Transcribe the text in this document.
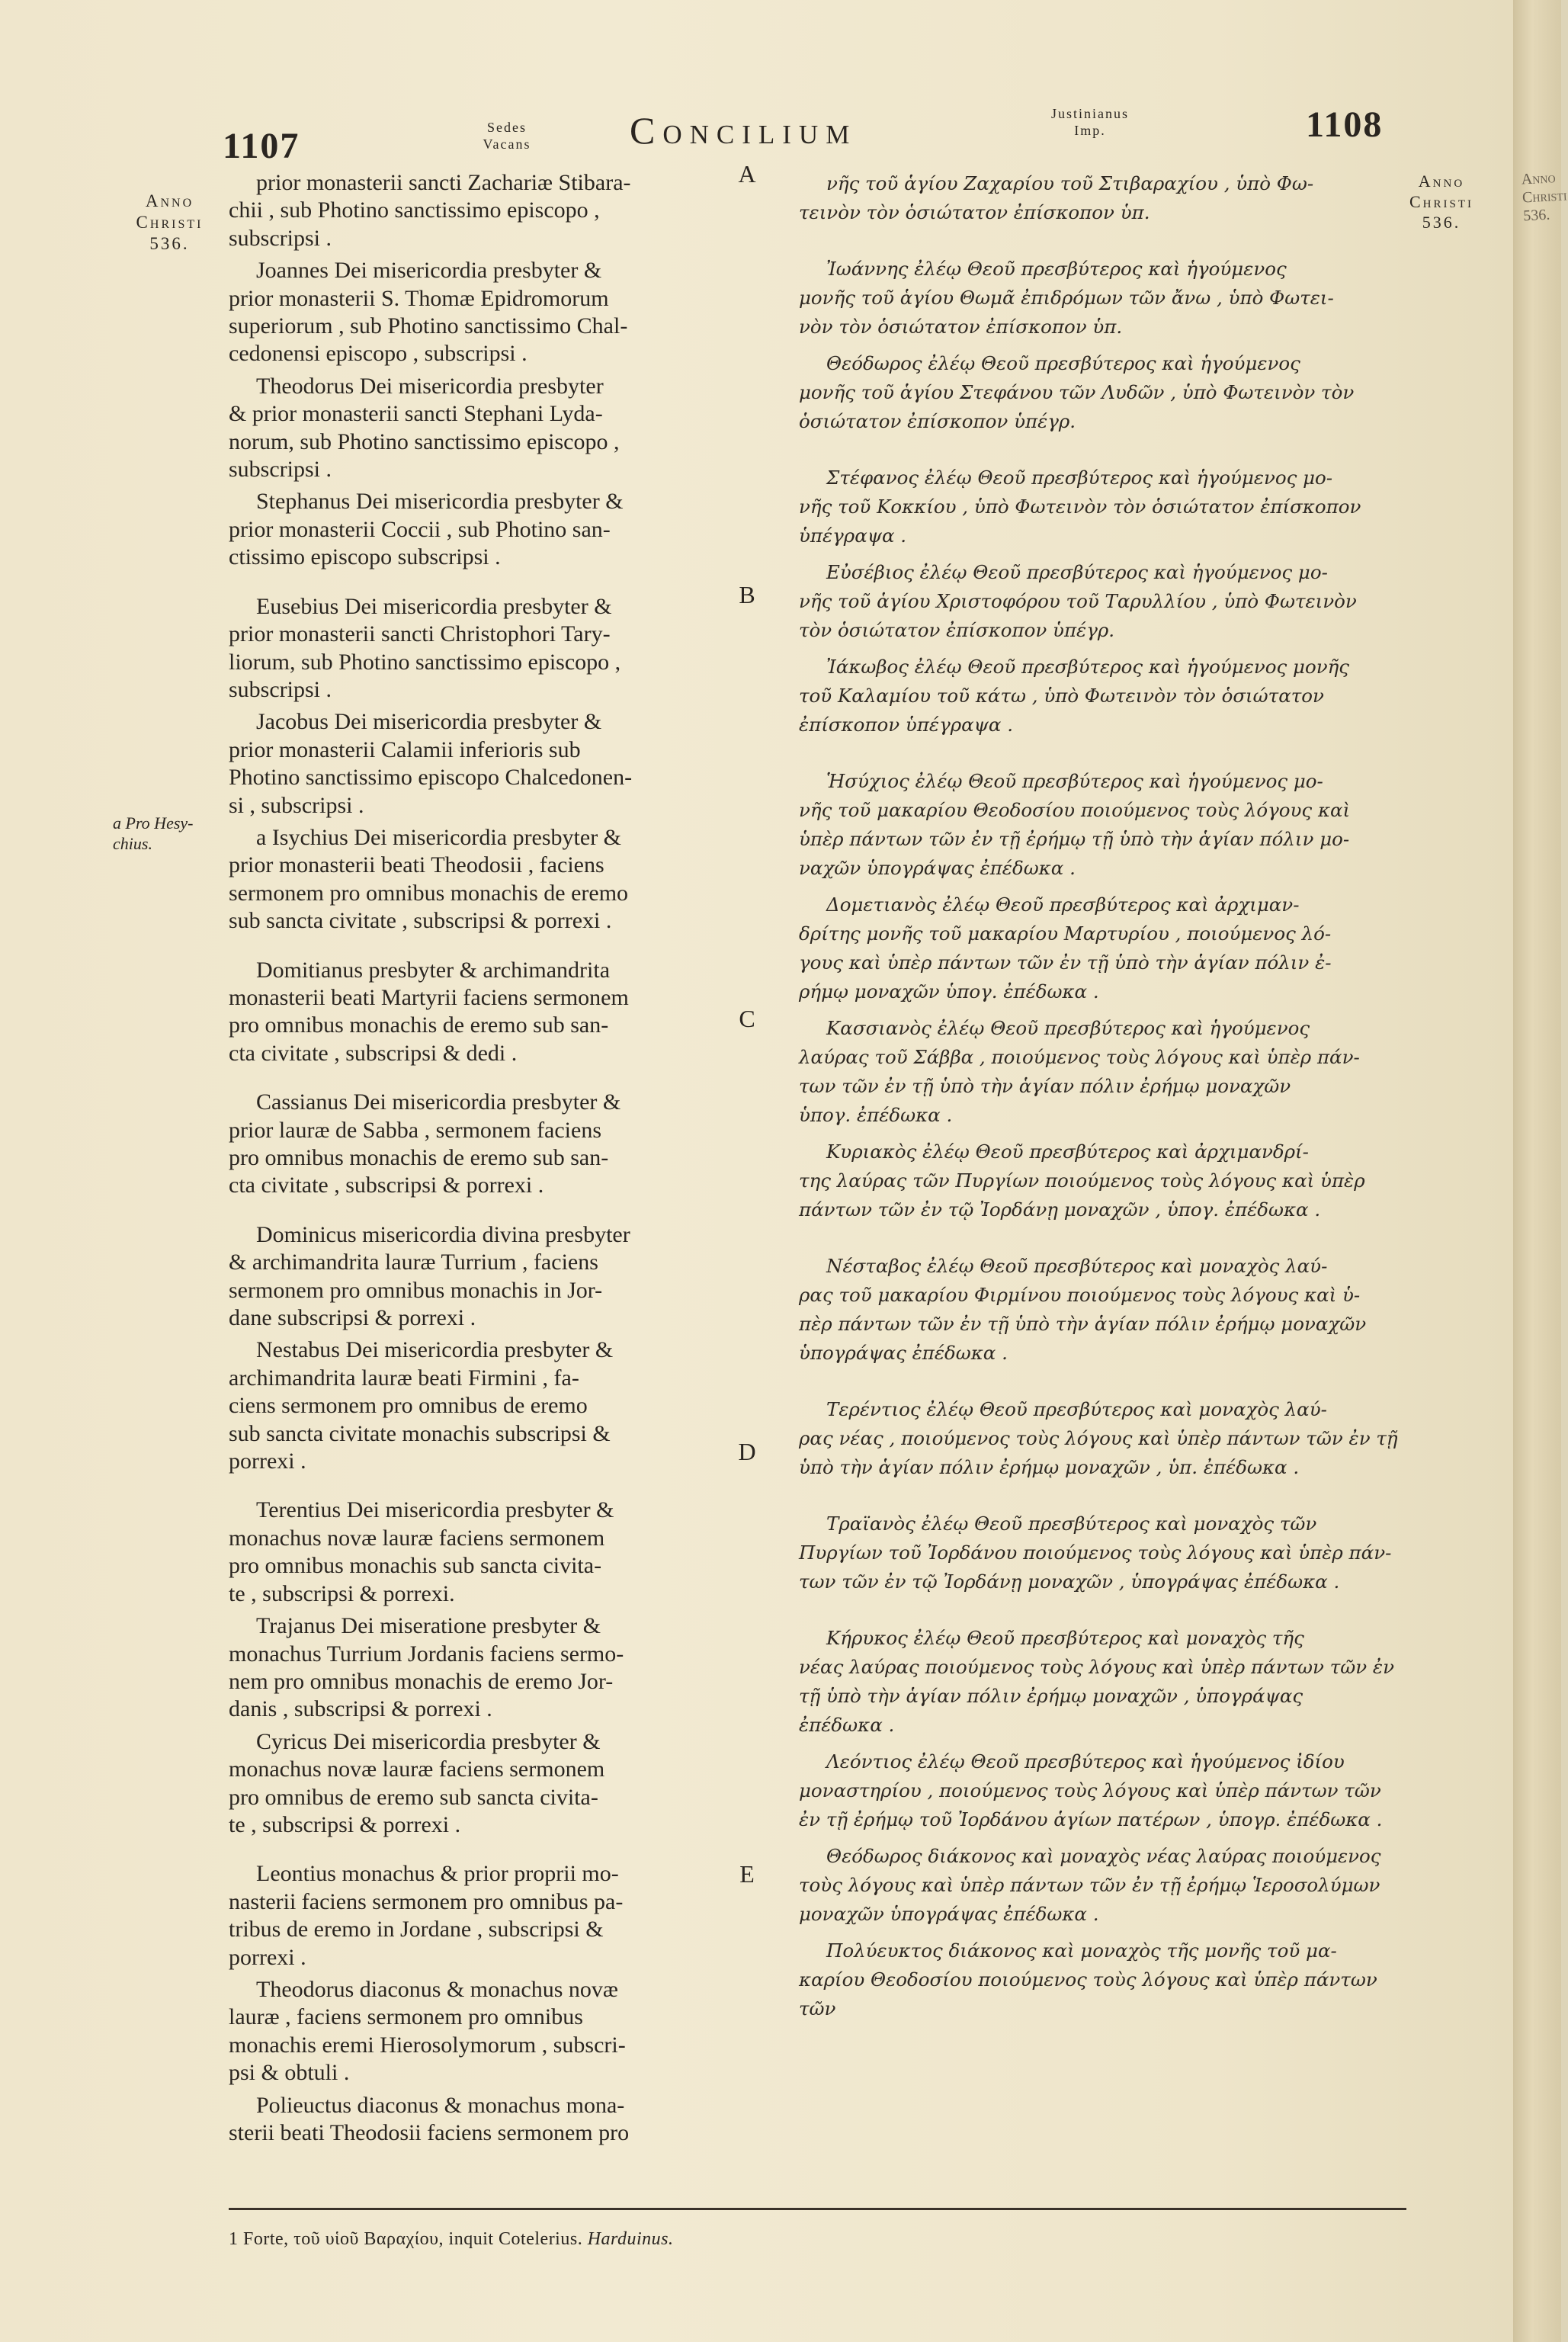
1107	Sedes
Vacans	Concilium	Justinianus
Imp.	1108
Anno
Christi
536.
Anno
Christi
536.
a Pro Hesy-
chius.
prior monasterii sancti Zachariæ Stibara-
chii , sub Photino sanctissimo episcopo ,
subscripsi .
Joannes Dei misericordia presbyter &
prior monasterii S. Thomæ Epidromorum
superiorum , sub Photino sanctissimo Chal-
cedonensi episcopo , subscripsi .
Theodorus Dei misericordia presbyter
& prior monasterii sancti Stephani Lyda-
norum, sub Photino sanctissimo episcopo ,
subscripsi .
Stephanus Dei misericordia presbyter &
prior monasterii Coccii , sub Photino san-
ctissimo episcopo subscripsi .
Eusebius Dei misericordia presbyter &
prior monasterii sancti Christophori Tary-
liorum, sub Photino sanctissimo episcopo ,
subscripsi .
Jacobus Dei misericordia presbyter &
prior monasterii Calamii inferioris sub
Photino sanctissimo episcopo Chalcedonen-
si , subscripsi .
a Isychius Dei misericordia presbyter &
prior monasterii beati Theodosii , faciens
sermonem pro omnibus monachis de eremo
sub sancta civitate , subscripsi & porrexi .
Domitianus presbyter & archimandrita
monasterii beati Martyrii faciens sermonem
pro omnibus monachis de eremo sub san-
cta civitate , subscripsi & dedi .
Cassianus Dei misericordia presbyter &
prior lauræ de Sabba , sermonem faciens
pro omnibus monachis de eremo sub san-
cta civitate , subscripsi & porrexi .
Dominicus misericordia divina presbyter
& archimandrita lauræ Turrium , faciens
sermonem pro omnibus monachis in Jor-
dane subscripsi & porrexi .
Nestabus Dei misericordia presbyter &
archimandrita lauræ beati Firmini , fa-
ciens sermonem pro omnibus de eremo
sub sancta civitate monachis subscripsi &
porrexi .
Terentius Dei misericordia presbyter &
monachus novæ lauræ faciens sermonem
pro omnibus monachis sub sancta civita-
te , subscripsi & porrexi.
Trajanus Dei miseratione presbyter &
monachus Turrium Jordanis faciens sermo-
nem pro omnibus monachis de eremo Jor-
danis , subscripsi & porrexi .
Cyricus Dei misericordia presbyter &
monachus novæ lauræ faciens sermonem
pro omnibus de eremo sub sancta civita-
te , subscripsi & porrexi .
Leontius monachus & prior proprii mo-
nasterii faciens sermonem pro omnibus pa-
tribus de eremo in Jordane , subscripsi &
porrexi .
Theodorus diaconus & monachus novæ
lauræ , faciens sermonem pro omnibus
monachis eremi Hierosolymorum , subscri-
psi & obtuli .
Polieuctus diaconus & monachus mona-
sterii beati Theodosii faciens sermonem pro
νῆς τοῦ ἁγίου Ζαχαρίου τοῦ Στιβαραχίου , ὑπὸ Φω-
τεινὸν τὸν ὁσιώτατον ἐπίσκοπον ὑπ.
Ἰωάννης ἐλέῳ Θεοῦ πρεσβύτερος καὶ ἡγούμενος
μονῆς τοῦ ἁγίου Θωμᾶ ἐπιδρόμων τῶν ἄνω , ὑπὸ Φωτει-
νὸν τὸν ὁσιώτατον ἐπίσκοπον ὑπ.
Θεόδωρος ἐλέῳ Θεοῦ πρεσβύτερος καὶ ἡγούμενος
μονῆς τοῦ ἁγίου Στεφάνου τῶν Λυδῶν , ὑπὸ Φωτεινὸν τὸν
ὁσιώτατον ἐπίσκοπον ὑπέγρ.
Στέφανος ἐλέῳ Θεοῦ πρεσβύτερος καὶ ἡγούμενος μο-
νῆς τοῦ Κοκκίου , ὑπὸ Φωτεινὸν τὸν ὁσιώτατον ἐπίσκοπον
ὑπέγραψα .
Εὐσέβιος ἐλέῳ Θεοῦ πρεσβύτερος καὶ ἡγούμενος μο-
νῆς τοῦ ἁγίου Χριστοφόρου τοῦ Ταρυλλίου , ὑπὸ Φωτεινὸν
τὸν ὁσιώτατον ἐπίσκοπον ὑπέγρ.
Ἰάκωβος ἐλέῳ Θεοῦ πρεσβύτερος καὶ ἡγούμενος μονῆς
τοῦ Καλαμίου τοῦ κάτω , ὑπὸ Φωτεινὸν τὸν ὁσιώτατον
ἐπίσκοπον ὑπέγραψα .
Ἡσύχιος ἐλέῳ Θεοῦ πρεσβύτερος καὶ ἡγούμενος μο-
νῆς τοῦ μακαρίου Θεοδοσίου ποιούμενος τοὺς λόγους καὶ
ὑπὲρ πάντων τῶν ἐν τῇ ἐρήμῳ τῇ ὑπὸ τὴν ἁγίαν πόλιν μο-
ναχῶν ὑπογράψας ἐπέδωκα .
Δομετιανὸς ἐλέῳ Θεοῦ πρεσβύτερος καὶ ἀρχιμαν-
δρίτης μονῆς τοῦ μακαρίου Μαρτυρίου , ποιούμενος λό-
γους καὶ ὑπὲρ πάντων τῶν ἐν τῇ ὑπὸ τὴν ἁγίαν πόλιν ἐ-
ρήμῳ μοναχῶν ὑπογ. ἐπέδωκα .
Κασσιανὸς ἐλέῳ Θεοῦ πρεσβύτερος καὶ ἡγούμενος
λαύρας τοῦ Σάββα , ποιούμενος τοὺς λόγους καὶ ὑπὲρ πάν-
των τῶν ἐν τῇ ὑπὸ τὴν ἁγίαν πόλιν ἐρήμῳ μοναχῶν
ὑπογ. ἐπέδωκα .
Κυριακὸς ἐλέῳ Θεοῦ πρεσβύτερος καὶ ἀρχιμανδρί-
της λαύρας τῶν Πυργίων ποιούμενος τοὺς λόγους καὶ ὑπὲρ
πάντων τῶν ἐν τῷ Ἰορδάνῃ μοναχῶν , ὑπογ. ἐπέδωκα .
Νέσταβος ἐλέῳ Θεοῦ πρεσβύτερος καὶ μοναχὸς λαύ-
ρας τοῦ μακαρίου Φιρμίνου ποιούμενος τοὺς λόγους καὶ ὑ-
πὲρ πάντων τῶν ἐν τῇ ὑπὸ τὴν ἁγίαν πόλιν ἐρήμῳ μοναχῶν
ὑπογράψας ἐπέδωκα .
Τερέντιος ἐλέῳ Θεοῦ πρεσβύτερος καὶ μοναχὸς λαύ-
ρας νέας , ποιούμενος τοὺς λόγους καὶ ὑπὲρ πάντων τῶν ἐν τῇ
ὑπὸ τὴν ἁγίαν πόλιν ἐρήμῳ μοναχῶν , ὑπ. ἐπέδωκα .
Τραϊανὸς ἐλέῳ Θεοῦ πρεσβύτερος καὶ μοναχὸς τῶν
Πυργίων τοῦ Ἰορδάνου ποιούμενος τοὺς λόγους καὶ ὑπὲρ πάν-
των τῶν ἐν τῷ Ἰορδάνῃ μοναχῶν , ὑπογράψας ἐπέδωκα .
Κήρυκος ἐλέῳ Θεοῦ πρεσβύτερος καὶ μοναχὸς τῆς
νέας λαύρας ποιούμενος τοὺς λόγους καὶ ὑπὲρ πάντων τῶν ἐν
τῇ ὑπὸ τὴν ἁγίαν πόλιν ἐρήμῳ μοναχῶν , ὑπογράψας
ἐπέδωκα .
Λεόντιος ἐλέῳ Θεοῦ πρεσβύτερος καὶ ἡγούμενος ἰδίου
μοναστηρίου , ποιούμενος τοὺς λόγους καὶ ὑπὲρ πάντων τῶν
ἐν τῇ ἐρήμῳ τοῦ Ἰορδάνου ἁγίων πατέρων , ὑπογρ. ἐπέδωκα .
Θεόδωρος διάκονος καὶ μοναχὸς νέας λαύρας ποιούμενος
τοὺς λόγους καὶ ὑπὲρ πάντων τῶν ἐν τῇ ἐρήμῳ Ἱεροσολύμων
μοναχῶν ὑπογράψας ἐπέδωκα .
Πολύευκτος διάκονος καὶ μοναχὸς τῆς μονῆς τοῦ μα-
καρίου Θεοδοσίου ποιούμενος τοὺς λόγους καὶ ὑπὲρ πάντων
τῶν
A
B
C
D
E
1 Forte, τοῦ υἱοῦ Βαραχίου, inquit Cotelerius. Harduinus.
Anno
Christi
536.
